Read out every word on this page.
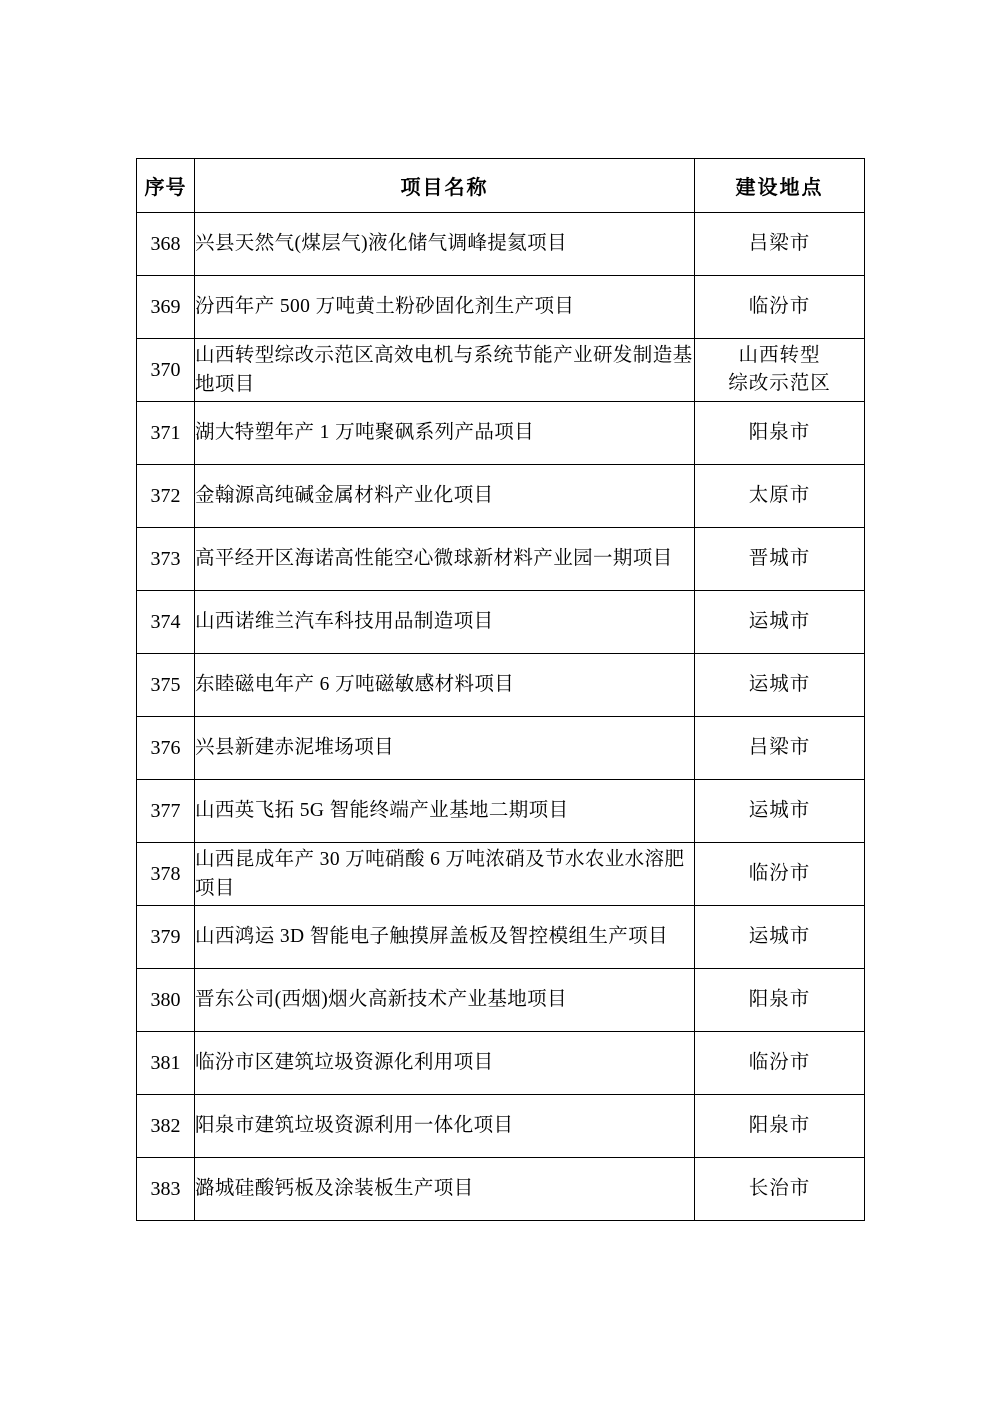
序号	项目名称	建设地点
368	兴县天然气(煤层气)液化储气调峰提氦项目	吕梁市

369	汾西年产 500 万吨黄土粉砂固化剂生产项目	临汾市

370	山西转型综改示范区高效电机与系统节能产业研发制造基地项目	山西转型
综改示范区

371	湖大特塑年产 1 万吨聚砜系列产品项目	阳泉市

372	金翰源高纯碱金属材料产业化项目	太原市

373	高平经开区海诺高性能空心微球新材料产业园一期项目	晋城市

374	山西诺维兰汽车科技用品制造项目	运城市

375	东睦磁电年产 6 万吨磁敏感材料项目	运城市

376	兴县新建赤泥堆场项目	吕梁市

377	山西英飞拓 5G 智能终端产业基地二期项目	运城市

378	山西昆成年产 30 万吨硝酸 6 万吨浓硝及节水农业水溶肥项目	临汾市

379	山西鸿运 3D 智能电子触摸屏盖板及智控模组生产项目	运城市

380	晋东公司(西烟)烟火高新技术产业基地项目	阳泉市

381	临汾市区建筑垃圾资源化利用项目	临汾市

382	阳泉市建筑垃圾资源利用一体化项目	阳泉市

383	潞城硅酸钙板及涂装板生产项目	长治市
